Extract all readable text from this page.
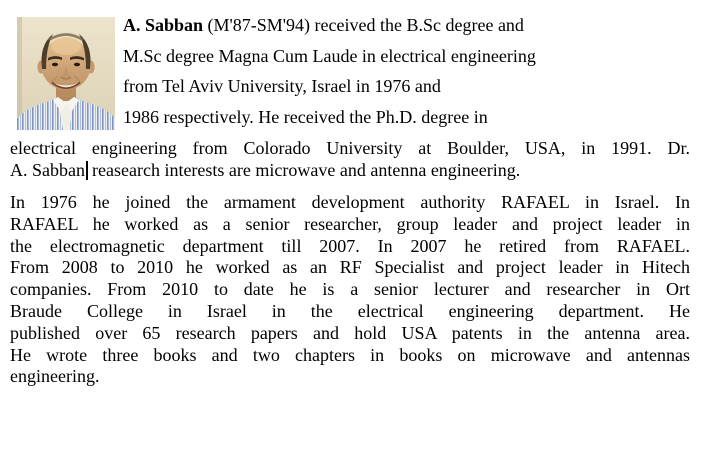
A. Sabban (M'87-SM'94) received the B.Sc degree and
M.Sc degree Magna Cum Laude in electrical engineering
from Tel Aviv University, Israel in 1976 and
1986 respectively. He received the Ph.D. degree in
electrical engineering from Colorado University at Boulder, USA, in 1991. Dr.
A. Sabban reasearch interests are microwave and antenna engineering.
In 1976 he joined the armament development authority RAFAEL in Israel. In
RAFAEL he worked as a senior researcher, group leader and project leader in
the electromagnetic department till 2007. In 2007 he retired from RAFAEL.
From 2008 to 2010 he worked as an RF Specialist and project leader in Hitech
companies. From 2010 to date he is a senior lecturer and researcher in Ort
Braude College in Israel in the electrical engineering department. He
published over 65 research papers and hold USA patents in the antenna area.
He wrote three books and two chapters in books on microwave and antennas
engineering.
